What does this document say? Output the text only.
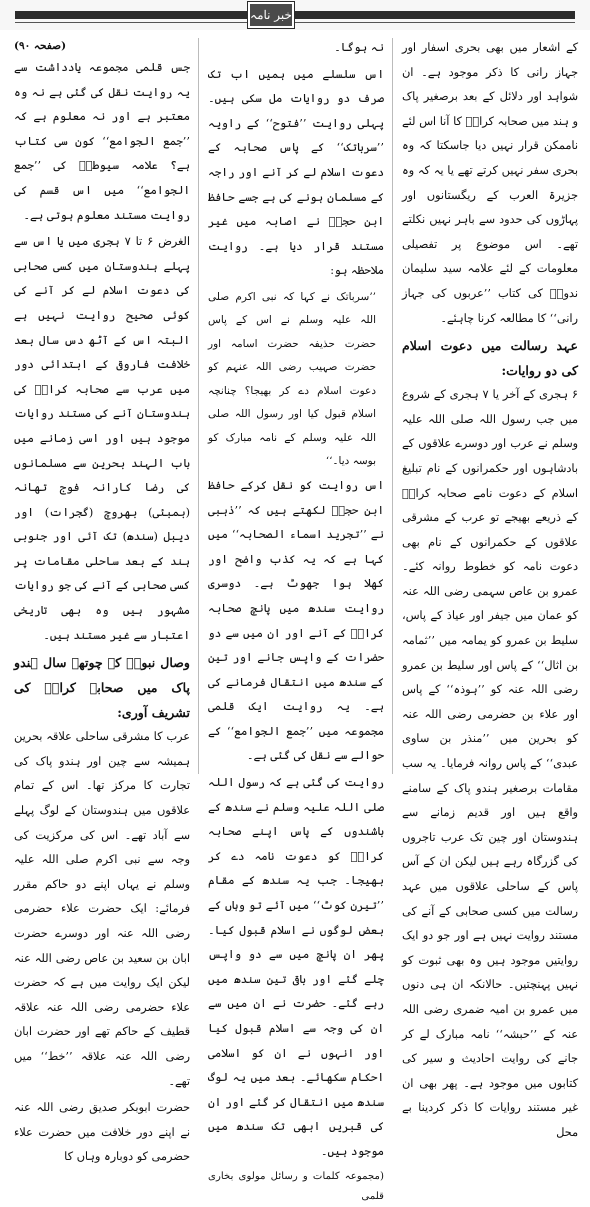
خبر نامہ
کے اشعار میں بھی بحری اسفار اور جہاز رانی کا ذکر موجود ہے۔ ان شواہد اور دلائل کے بعد برصغیر پاک و ہند میں صحابہ کرامؓ کا آنا اس لئے ناممکن قرار نہیں دیا جاسکتا کہ وہ بحری سفر نہیں کرتے تھے یا یہ کہ وہ جزیرۃ العرب کے ریگستانوں اور پہاڑوں کی حدود سے باہر نہیں نکلتے تھے۔ اس موضوع پر تفصیلی معلومات کے لئے علامہ سید سلیمان ندویؒ کی کتاب ’’عربوں کی جہاز رانی‘‘ کا مطالعہ کرنا چاہئے۔
عہد رسالت میں دعوت اسلام کی دو روایات:
۶ ہجری کے آخر یا ۷ ہجری کے شروع میں جب رسول اللہ صلی اللہ علیہ وسلم نے عرب اور دوسرے علاقوں کے بادشاہوں اور حکمرانوں کے نام تبلیغ اسلام کے دعوت نامے صحابہ کرامؓ کے ذریعے بھیجے تو عرب کے مشرقی علاقوں کے حکمرانوں کے نام بھی دعوت نامہ کو خطوط روانہ کئے۔ عمرو بن عاص سہمی رضی اللہ عنہ کو عمان میں جیفر اور عیاذ کے پاس، سلیط بن عمرو کو یمامہ میں ’’ثمامہ بن اثال‘‘ کے پاس اور سلیط بن عمرو رضی اللہ عنہ کو ’’ہوذہ‘‘ کے پاس اور علاء بن حضرمی رضی اللہ عنہ کو بحرین میں ’’منذر بن ساوی عبدی‘‘ کے پاس روانہ فرمایا۔ یہ سب مقامات برصغیر ہندو پاک کے سامنے واقع ہیں اور قدیم زمانے سے ہندوستان اور چین تک عرب تاجروں کی گزرگاہ رہے ہیں لیکن ان کے آس پاس کے ساحلی علاقوں میں عہد رسالت میں کسی صحابی کے آنے کی مستند روایت نہیں ہے اور جو دو ایک روایتیں موجود ہیں وہ بھی ثبوت کو نہیں پہنچتیں۔ حالانکہ ان ہی دنوں میں عمرو بن امیہ ضمری رضی اللہ عنہ کے ’’حبشہ‘‘ نامہ مبارک لے کر جانے کی روایت احادیث و سیر کی کتابوں میں موجود ہے۔ پھر بھی ان غیر مستند روایات کا ذکر کردینا بے محل
نہ ہوگا۔
اس سلسلے میں ہمیں اب تک صرف دو روایات مل سکی ہیں۔ پہلی روایت ’’فتوح‘‘ کے راویہ ’’سرباتک‘‘ کے پاس صحابہ کے دعوت اسلام لے کر آنے اور راجہ کے مسلمان ہونے کی ہے جسے حافظ ابن حجرؒ نے اصابہ میں غیر مستند قرار دیا ہے۔ روایت ملاحظہ ہو:
’’سرباتک نے کہا کہ نبی اکرم صلی اللہ علیہ وسلم نے اس کے پاس حضرت حذیفہ حضرت اسامہ اور حضرت صہیب رضی اللہ عنہم کو دعوت اسلام دے کر بھیجا؟ چنانچہ اسلام قبول کیا اور رسول اللہ صلی اللہ علیہ وسلم کے نامہ مبارک کو بوسہ دیا۔‘‘
اس روایت کو نقل کرکے حافظ ابن حجرؒ لکھتے ہیں کہ ’’ذہبی نے ’’تجرید اسماء الصحابہ‘‘ میں کہا ہے کہ یہ کذب واضح اور کھلا ہوا جھوٹ ہے۔ دوسری روایت سندھ میں پانچ صحابہ کرامؓ کے آنے اور ان میں سے دو حضرات کے واپس جانے اور تین کے سندھ میں انتقال فرمانے کی ہے۔ یہ روایت ایک قلمی مجموعہ میں ’’جمع الجوامع‘‘ کے حوالے سے نقل کی گئی ہے۔
روایت کی گئی ہے کہ رسول اللہ صلی اللہ علیہ وسلم نے سندھ کے باشندوں کے پاس اپنے صحابہ کرامؓ کو دعوت نامہ دے کر بھیجا۔ جب یہ سندھ کے مقام ’’تیرن کوٹ‘‘ میں آئے تو وہاں کے بعض لوگوں نے اسلام قبول کیا۔ پھر ان پانچ میں سے دو واپس چلے گئے اور باقی تین سندھ میں رہے گئے۔ حضرت نے ان میں سے ان کی وجہ سے اسلام قبول کیا اور انہوں نے ان کو اسلامی احکام سکھائے۔ بعد میں یہ لوگ سندھ میں انتقال کر گئے اور ان کی قبریں ابھی تک سندھ میں موجود ہیں۔
(مجموعہ کلمات و رسائل مولوی بخاری قلمی
(صفحہ ۹۰)
جس قلمی مجموعہ یادداشت سے یہ روایت نقل کی گئی ہے نہ وہ معتبر ہے اور نہ معلوم ہے کہ ’’جمع الجوامع‘‘ کون سی کتاب ہے؟ علامہ سیوطیؒ کی ’’جمع الجوامع‘‘ میں اس قسم کی روایت مستند معلوم ہوتی ہے۔
الغرض ۶ تا ۷ ہجری میں یا اس سے پہلے ہندوستان میں کسی صحابی کی دعوت اسلام لے کر آنے کی کوئی صحیح روایت نہیں ہے البتہ اس کے آٹھ دس سال بعد خلافت فاروقی کے ابتدائی دور میں عرب سے صحابہ کرامؓ کی ہندوستان آنے کی مستند روایات موجود ہیں اور اسی زمانے میں باب الہند بحرین سے مسلمانوں کی رضا کارانہ فوج تھانہ (بمبئی) بھروچ (گجرات) اور دیبل (سندھ) تک آئی اور جنوبی ہند کے بعد ساحلی مقامات پر کسی صحابی کے آنے کی جو روایات مشہور ہیں وہ بھی تاریخی اعتبار سے غیر مستند ہیں۔
وصال نبویؐ کے چوتھے سال ہندو پاک میں صحابہ کرامؓ کی تشریف آوری:
عرب کا مشرقی ساحلی علاقہ بحرین ہمیشہ سے چین اور ہندو پاک کی تجارت کا مرکز تھا۔ اس کے تمام علاقوں میں ہندوستان کے لوگ پہلے سے آباد تھے۔ اس کی مرکزیت کی وجہ سے نبی اکرم صلی اللہ علیہ وسلم نے یہاں اپنے دو حاکم مقرر فرمائے: ایک حضرت علاء حضرمی رضی اللہ عنہ اور دوسرے حضرت ابان بن سعید بن عاص رضی اللہ عنہ لیکن ایک روایت میں ہے کہ حضرت علاء حضرمی رضی اللہ عنہ علاقہ قطیف کے حاکم تھے اور حضرت ابان رضی اللہ عنہ علاقہ ’’خط‘‘ میں تھے۔
حضرت ابوبکر صدیق رضی اللہ عنہ نے اپنے دور خلافت میں حضرت علاء حضرمی کو دوبارہ وہاں کا
